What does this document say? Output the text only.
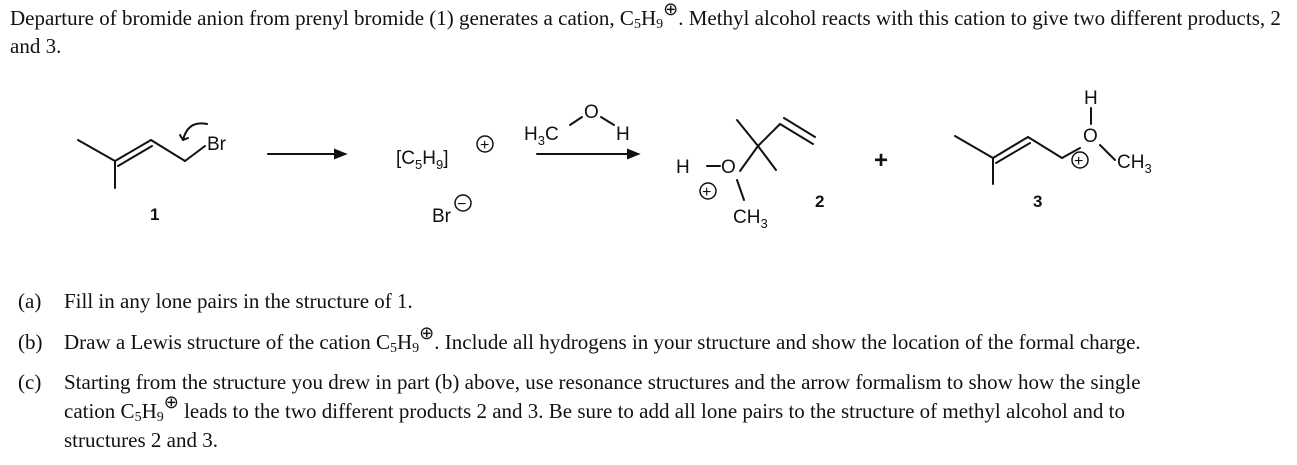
Departure of bromide anion from prenyl bromide (1) generates a cation, $C_5H_9\oplus$. Methyl alcohol reacts with this cation to give two different products, 2 and 3.
Br
1
$[C_5H_9]$
+
Br
−
$H_3C$
O
H
H O
+
$CH_3$
2
+
H
O
+ $CH_3$
3
(a) Fill in any lone pairs in the structure of 1.
(b) Draw a Lewis structure of the cation $C_5H_9\oplus$. Include all hydrogens in your structure and show the location of the formal charge.
(c) Starting from the structure you drew in part (b) above, use resonance structures and the arrow formalism to show how the single
cation $C_5H_9\oplus$ leads to the two different products 2 and 3. Be sure to add all lone pairs to the structure of methyl alcohol and to
structures 2 and 3.
